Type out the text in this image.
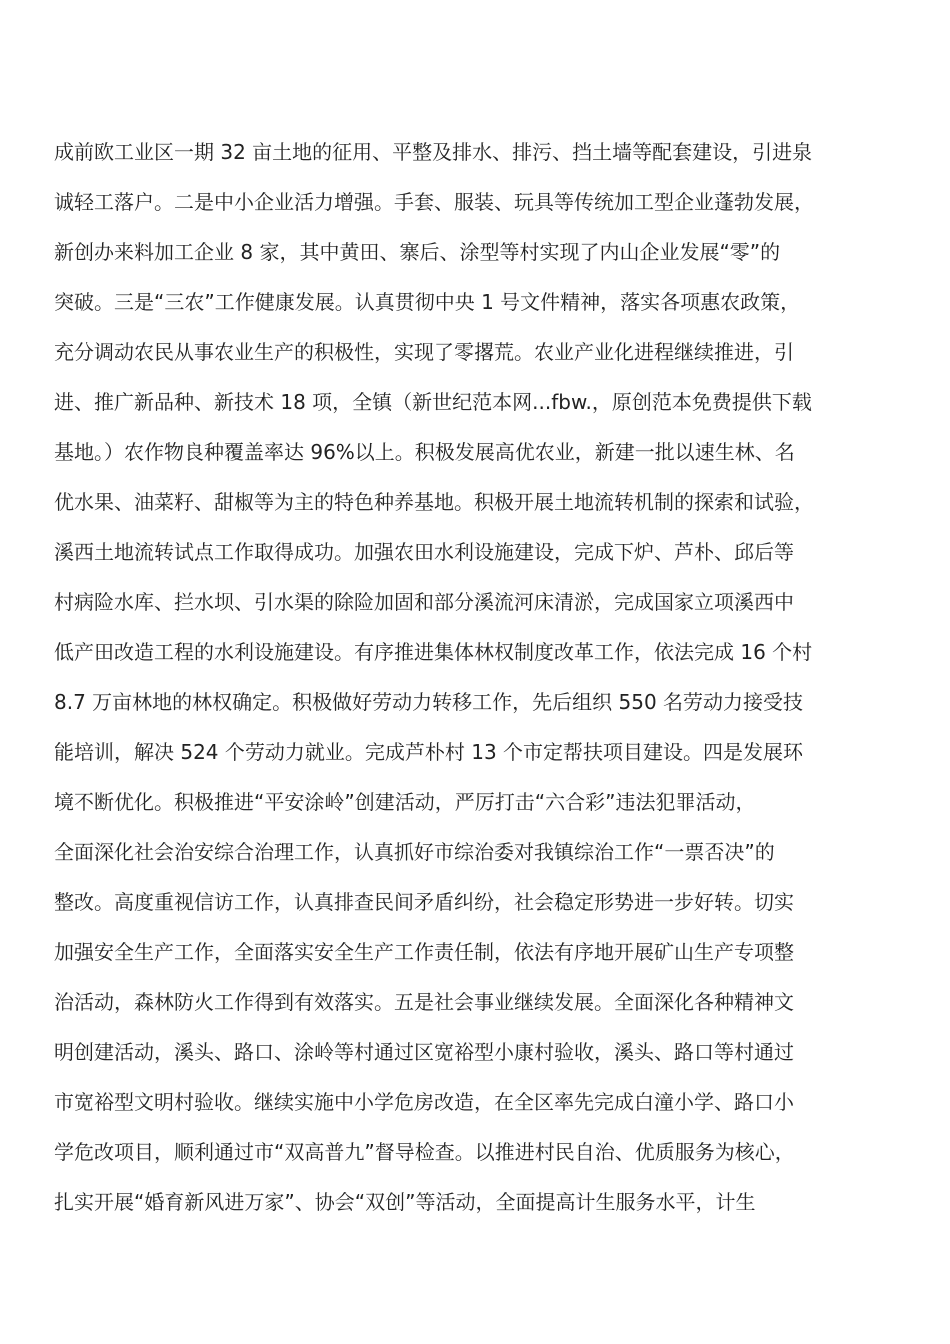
成前欧工业区一期 32 亩土地的征用、平整及排水、排污、挡土墙等配套建设，引进泉
诚轻工落户。二是中小企业活力增强。手套、服装、玩具等传统加工型企业蓬勃发展，
新创办来料加工企业 8 家，其中黄田、寨后、涂型等村实现了内山企业发展“零”的
突破。三是“三农”工作健康发展。认真贯彻中央 1 号文件精神，落实各项惠农政策，
充分调动农民从事农业生产的积极性，实现了零撂荒。农业产业化进程继续推进，引
进、推广新品种、新技术 18 项，全镇（新世纪范本网...fbw.，原创范本免费提供下载
基地。）农作物良种覆盖率达 96%以上。积极发展高优农业，新建一批以速生林、名
优水果、油菜籽、甜椒等为主的特色种养基地。积极开展土地流转机制的探索和试验，
溪西土地流转试点工作取得成功。加强农田水利设施建设，完成下炉、芦朴、邱后等
村病险水库、拦水坝、引水渠的除险加固和部分溪流河床清淤，完成国家立项溪西中
低产田改造工程的水利设施建设。有序推进集体林权制度改革工作，依法完成 16 个村
8.7 万亩林地的林权确定。积极做好劳动力转移工作，先后组织 550 名劳动力接受技
能培训，解决 524 个劳动力就业。完成芦朴村 13 个市定帮扶项目建设。四是发展环
境不断优化。积极推进“平安涂岭”创建活动，严厉打击“六合彩”违法犯罪活动，
全面深化社会治安综合治理工作，认真抓好市综治委对我镇综治工作“一票否决”的
整改。高度重视信访工作，认真排查民间矛盾纠纷，社会稳定形势进一步好转。切实
加强安全生产工作，全面落实安全生产工作责任制，依法有序地开展矿山生产专项整
治活动，森林防火工作得到有效落实。五是社会事业继续发展。全面深化各种精神文
明创建活动，溪头、路口、涂岭等村通过区宽裕型小康村验收，溪头、路口等村通过
市宽裕型文明村验收。继续实施中小学危房改造，在全区率先完成白潼小学、路口小
学危改项目，顺利通过市“双高普九”督导检查。以推进村民自治、优质服务为核心，
扎实开展“婚育新风进万家”、协会“双创”等活动，全面提高计生服务水平，计生
